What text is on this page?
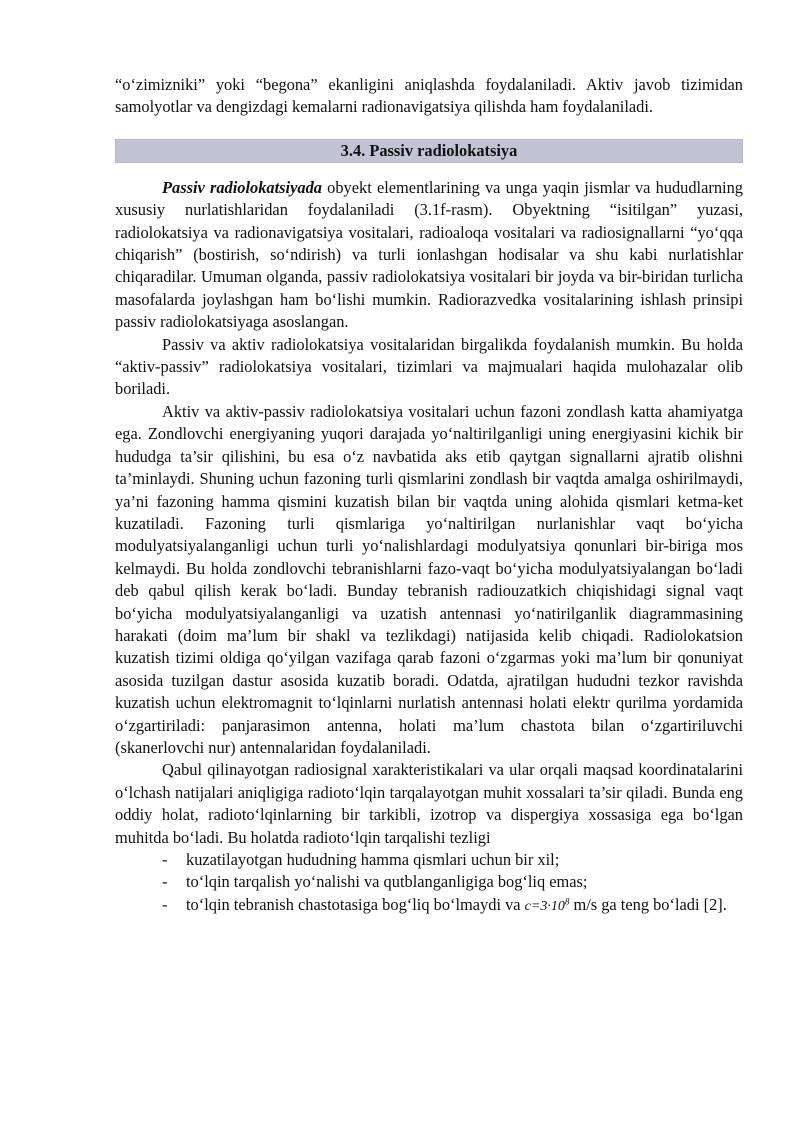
“o‘zimizniki” yoki “begona” ekanligini aniqlashda foydalaniladi. Aktiv javob tizimidan samolyotlar va dengizdagi kemalarni radionavigatsiya qilishda ham foydalaniladi.

3.4. Passiv radiolokatsiya

Passiv radiolokatsiyada obyekt elementlarining va unga yaqin jismlar va hududlarning xususiy nurlatishlaridan foydalaniladi (3.1f-rasm). Obyektning “isitilgan” yuzasi, radiolokatsiya va radionavigatsiya vositalari, radioaloqa vositalari va radiosignallarni “yo‘qqa chiqarish” (bostirish, so‘ndirish) va turli ionlashgan hodisalar va shu kabi nurlatishlar chiqaradilar. Umuman olganda, passiv radiolokatsiya vositalari bir joyda va bir-biridan turlicha masofalarda joylashgan ham bo‘lishi mumkin. Radiorazvedka vositalarining ishlash prinsipi passiv radiolokatsiyaga asoslangan.

Passiv va aktiv radiolokatsiya vositalaridan birgalikda foydalanish mumkin. Bu holda “aktiv-passiv” radiolokatsiya vositalari, tizimlari va majmualari haqida mulohazalar olib boriladi.

Aktiv va aktiv-passiv radiolokatsiya vositalari uchun fazoni zondlash katta ahamiyatga ega. Zondlovchi energiyaning yuqori darajada yo‘naltirilganligi uning energiyasini kichik bir hududga ta’sir qilishini, bu esa o‘z navbatida aks etib qaytgan signallarni ajratib olishni ta’minlaydi. Shuning uchun fazoning turli qismlarini zondlash bir vaqtda amalga oshirilmaydi, ya’ni fazoning hamma qismini kuzatish bilan bir vaqtda uning alohida qismlari ketma-ket kuzatiladi. Fazoning turli qismlariga yo‘naltirilgan nurlanishlar vaqt bo‘yicha modulyatsiyalanganligi uchun turli yo‘nalishlardagi modulyatsiya qonunlari bir-biriga mos kelmaydi. Bu holda zondlovchi tebranishlarni fazo-vaqt bo‘yicha modulyatsiyalangan bo‘ladi deb qabul qilish kerak bo‘ladi. Bunday tebranish radiouzatkich chiqishidagi signal vaqt bo‘yicha modulyatsiyalanganligi va uzatish antennasi yo‘natirilganlik diagrammasining harakati (doim ma’lum bir shakl va tezlikdagi) natijasida kelib chiqadi. Radiolokatsion kuzatish tizimi oldiga qo‘yilgan vazifaga qarab fazoni o‘zgarmas yoki ma’lum bir qonuniyat asosida tuzilgan dastur asosida kuzatib boradi. Odatda, ajratilgan hududni tezkor ravishda kuzatish uchun elektromagnit to‘lqinlarni nurlatish antennasi holati elektr qurilma yordamida o‘zgartiriladi: panjarasimon antenna, holati ma’lum chastota bilan o‘zgartiriluvchi (skanerlovchi nur) antennalaridan foydalaniladi.

Qabul qilinayotgan radiosignal xarakteristikalari va ular orqali maqsad koordinatalarini o‘lchash natijalari aniqligiga radioto‘lqin tarqalayotgan muhit xossalari ta’sir qiladi. Bunda eng oddiy holat, radioto‘lqinlarning bir tarkibli, izotrop va dispergiya xossasiga ega bo‘lgan muhitda bo‘ladi. Bu holatda radioto‘lqin tarqalishi tezligi

-	kuzatilayotgan hududning hamma qismlari uchun bir xil;
-	to‘lqin tarqalish yo‘nalishi va qutblanganligiga bog‘liq emas;
-	to‘lqin tebranish chastotasiga bog‘liq bo‘lmaydi va $c=3\cdot 10^8$ m/s ga teng bo‘ladi [2].
